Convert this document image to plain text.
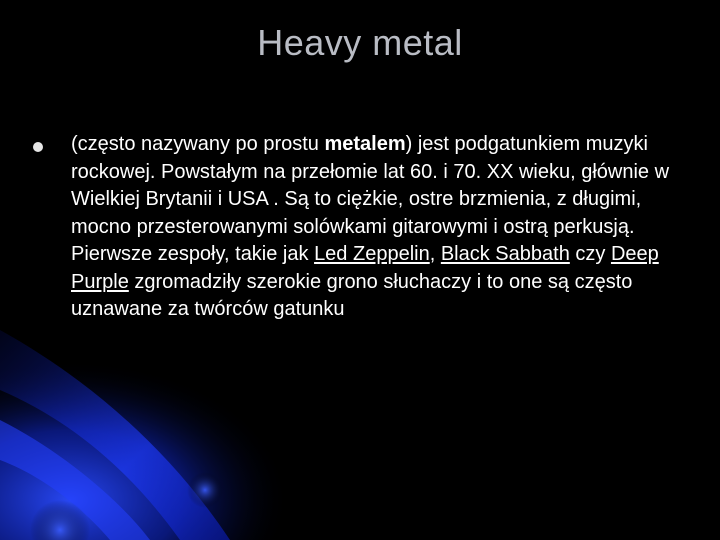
Heavy metal
(często nazywany po prostu metalem) jest podgatunkiem muzyki rockowej. Powstałym na przełomie lat 60. i 70. XX wieku, głównie w Wielkiej Brytanii i USA . Są to ciężkie, ostre brzmienia, z długimi, mocno przesterowanymi solówkami gitarowymi i ostrą perkusją. Pierwsze zespoły, takie jak Led Zeppelin, Black Sabbath czy Deep Purple zgromadziły szerokie grono słuchaczy i to one są często uznawane za twórców gatunku
